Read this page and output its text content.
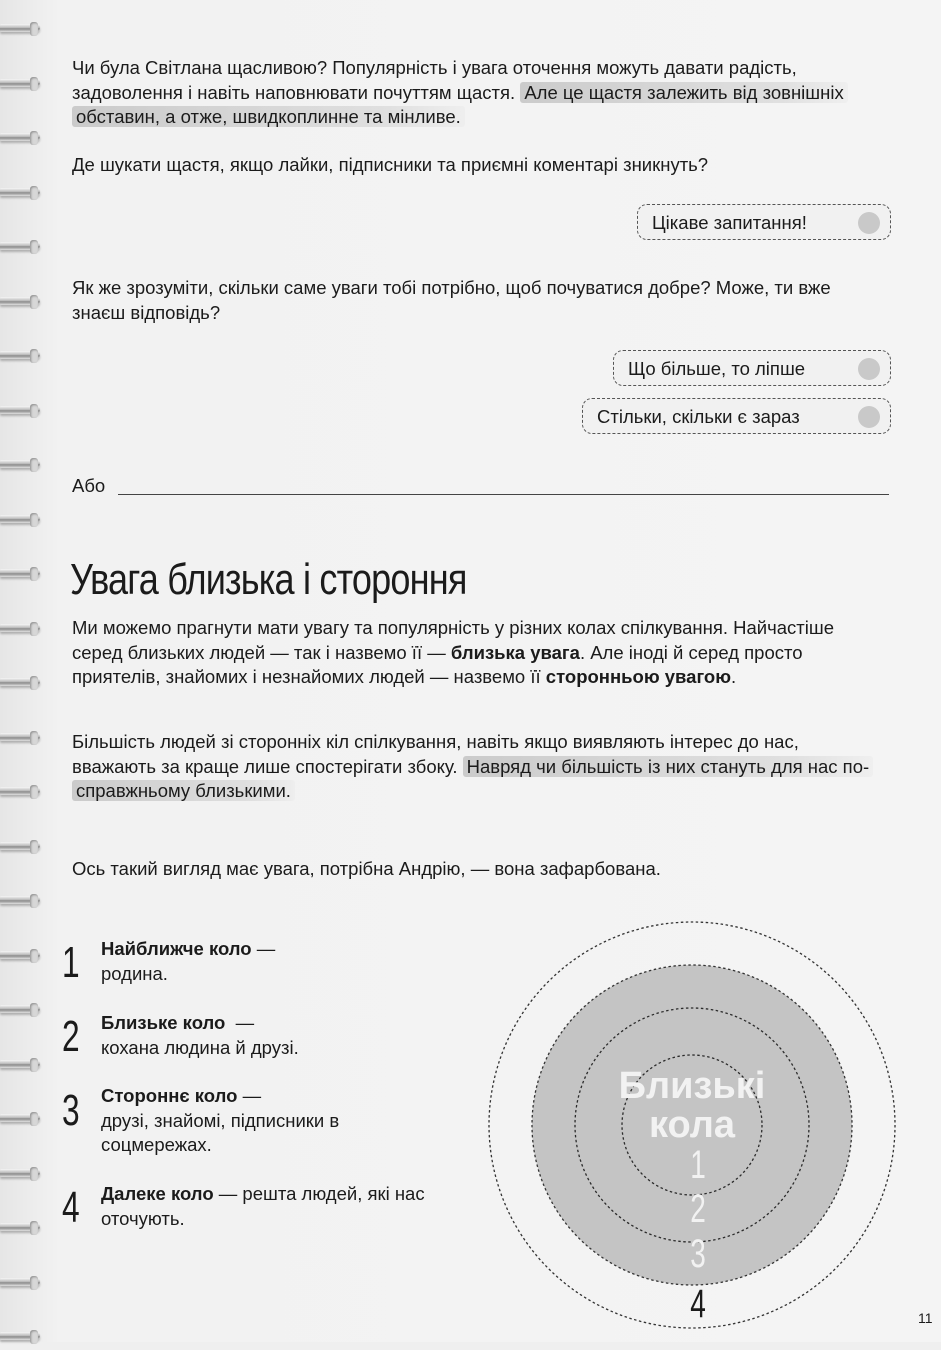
Чи була Світлана щасливою? Популярність і увага оточення можуть давати радість, задоволення і навіть наповнювати почуттям щастя. Але це щастя залежить від зовнішніх обставин, а отже, швидкоплинне та мінливе.

Де шукати щастя, якщо лайки, підписники та приємні коментарі зникнуть?

Цікаве запитання!

Як же зрозуміти, скільки саме уваги тобі потрібно, щоб почуватися добре? Може, ти вже знаєш відповідь?

Що більше, то ліпше
Стільки, скільки є зараз
Або
Увага близька і стороння

Ми можемо прагнути мати увагу та популярність у різних колах спілкування. Найчастіше серед близьких людей — так і назвемо її — близька увага. Але іноді й серед просто приятелів, знайомих і незнайомих людей — назвемо її сторонньою увагою.

Більшість людей зі сторонніх кіл спілкування, навіть якщо виявляють інтерес до нас, вважають за краще лише спостерігати збоку. Навряд чи більшість із них стануть для нас по-справжньому близькими.

Ось такий вигляд має увага, потрібна Андрію, — вона зафарбована.

1 Найближче коло —
родина.
2 Близьке коло  —
кохана людина й друзі.
3 Стороннє коло —
друзі, знайомі, підписники в соцмережах.
4 Далеке коло — решта людей, які нас оточують.
Близькі
кола
1
2
3
4	11
